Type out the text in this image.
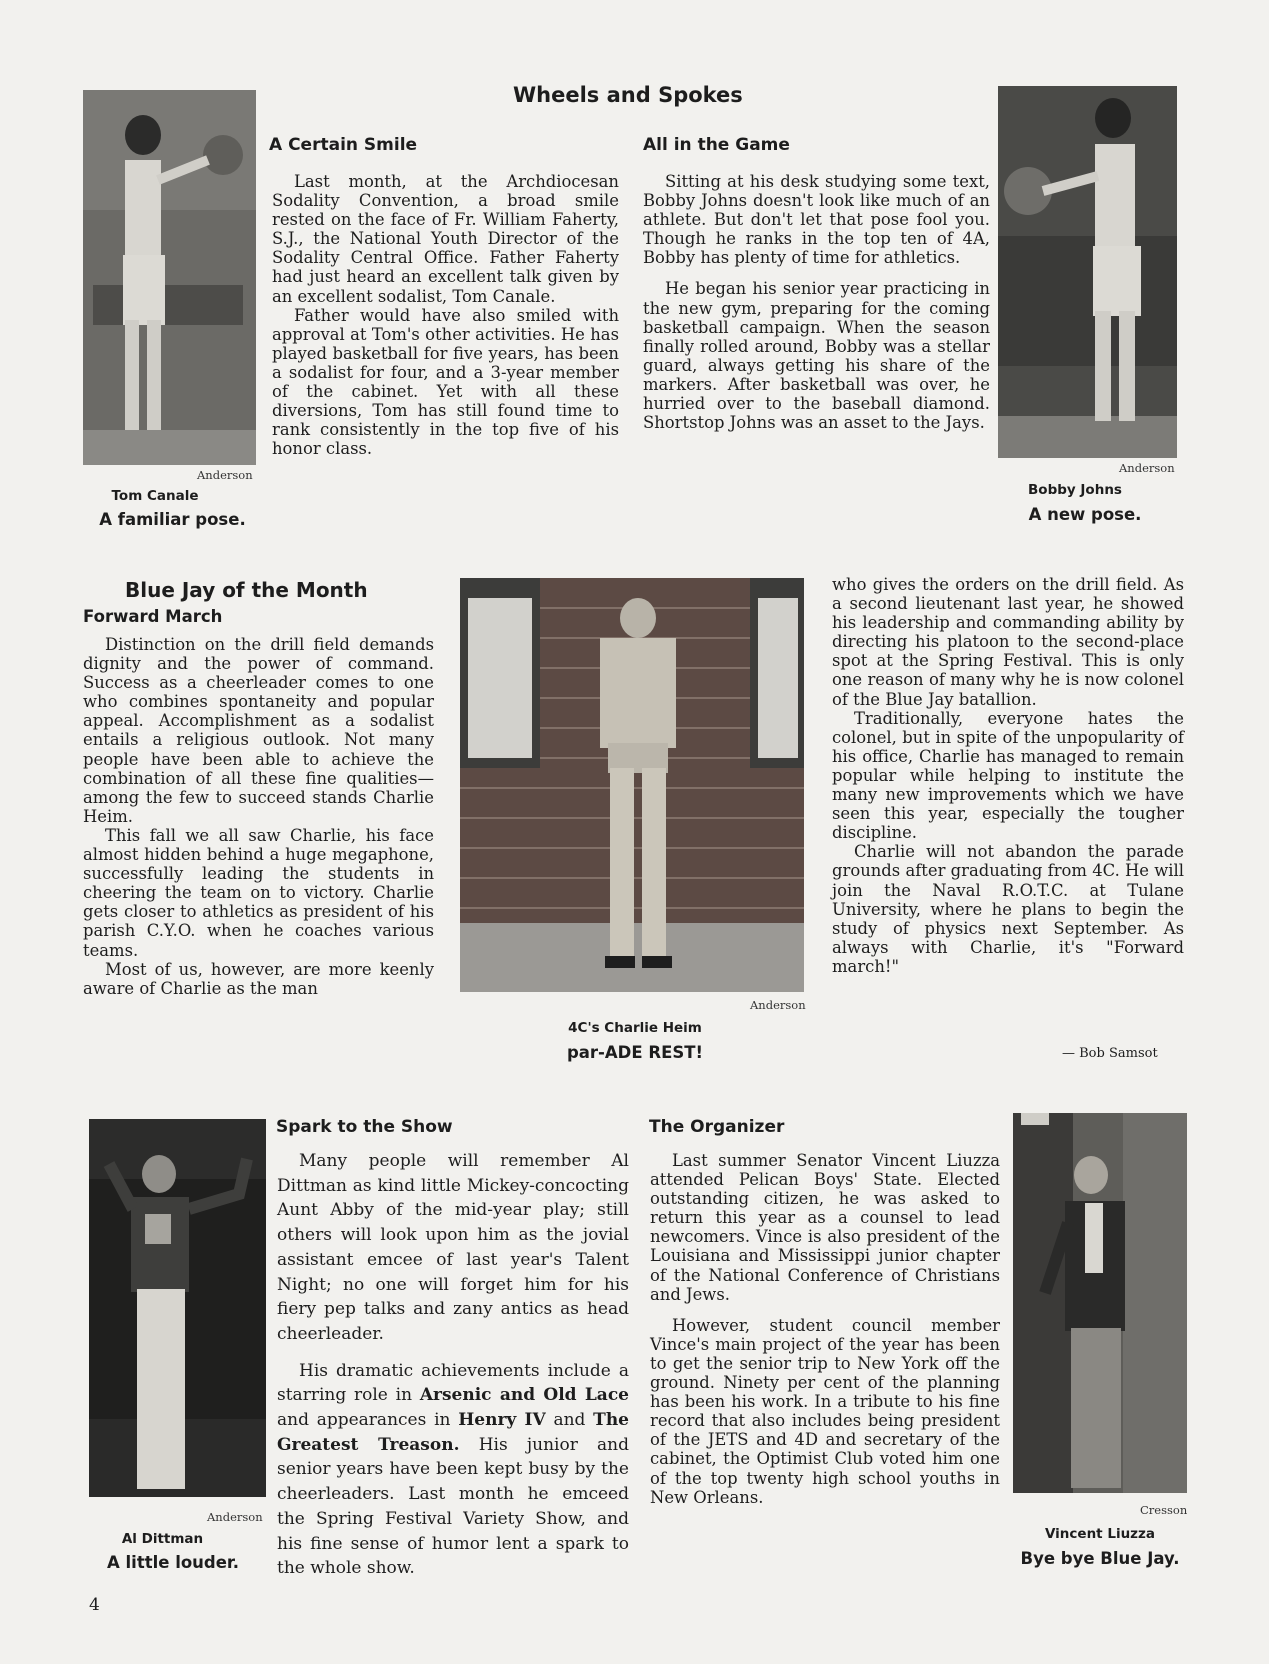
Wheels and Spokes
Anderson
Tom Canale
A familiar pose.
A Certain Smile

Last month, at the Archdiocesan Sodality Convention, a broad smile rested on the face of Fr. William Faherty, S.J., the National Youth Director of the Sodality Central Office. Father Faherty had just heard an excellent talk given by an excellent sodalist, Tom Canale.

Father would have also smiled with approval at Tom's other activities. He has played basketball for five years, has been a sodalist for four, and a 3-year member of the cabinet. Yet with all these diversions, Tom has still found time to rank consistently in the top five of his honor class.

All in the Game

Sitting at his desk studying some text, Bobby Johns doesn't look like much of an athlete. But don't let that pose fool you. Though he ranks in the top ten of 4A, Bobby has plenty of time for athletics.

He began his senior year practicing in the new gym, preparing for the coming basketball campaign. When the season finally rolled around, Bobby was a stellar guard, always getting his share of the markers. After basketball was over, he hurried over to the baseball diamond. Shortstop Johns was an asset to the Jays.

Anderson
Bobby Johns
A new pose.
Blue Jay of the Month
Forward March

Distinction on the drill field demands dignity and the power of command. Success as a cheerleader comes to one who combines spontaneity and popular appeal. Accomplishment as a sodalist entails a religious outlook. Not many people have been able to achieve the combination of all these fine qualities—among the few to succeed stands Charlie Heim.

This fall we all saw Charlie, his face almost hidden behind a huge megaphone, successfully leading the students in cheering the team on to victory. Charlie gets closer to athletics as president of his parish C.Y.O. when he coaches various teams.

Most of us, however, are more keenly aware of Charlie as the man

Anderson
4C's Charlie Heim
par-ADE REST!

who gives the orders on the drill field. As a second lieutenant last year, he showed his leadership and commanding ability by directing his platoon to the second-place spot at the Spring Festival. This is only one reason of many why he is now colonel of the Blue Jay batallion.

Traditionally, everyone hates the colonel, but in spite of the unpopularity of his office, Charlie has managed to remain popular while helping to institute the many new improvements which we have seen this year, especially the tougher discipline.

Charlie will not abandon the parade grounds after graduating from 4C. He will join the Naval R.O.T.C. at Tulane University, where he plans to begin the study of physics next September. As always with Charlie, it's "Forward march!"

— Bob Samsot
Anderson
Al Dittman
A little louder.
Spark to the Show

Many people will remember Al Dittman as kind little Mickey-concocting Aunt Abby of the mid-year play; still others will look upon him as the jovial assistant emcee of last year's Talent Night; no one will forget him for his fiery pep talks and zany antics as head cheerleader.

His dramatic achievements include a starring role in Arsenic and Old Lace and appearances in Henry IV and The Greatest Treason. His junior and senior years have been kept busy by the cheerleaders. Last month he emceed the Spring Festival Variety Show, and his fine sense of humor lent a spark to the whole show.

The Organizer

Last summer Senator Vincent Liuzza attended Pelican Boys' State. Elected outstanding citizen, he was asked to return this year as a counsel to lead newcomers. Vince is also president of the Louisiana and Mississippi junior chapter of the National Conference of Christians and Jews.

However, student council member Vince's main project of the year has been to get the senior trip to New York off the ground. Ninety per cent of the planning has been his work. In a tribute to his fine record that also includes being president of the JETS and 4D and secretary of the cabinet, the Optimist Club voted him one of the top twenty high school youths in New Orleans.

Cresson
Vincent Liuzza
Bye bye Blue Jay.
4
